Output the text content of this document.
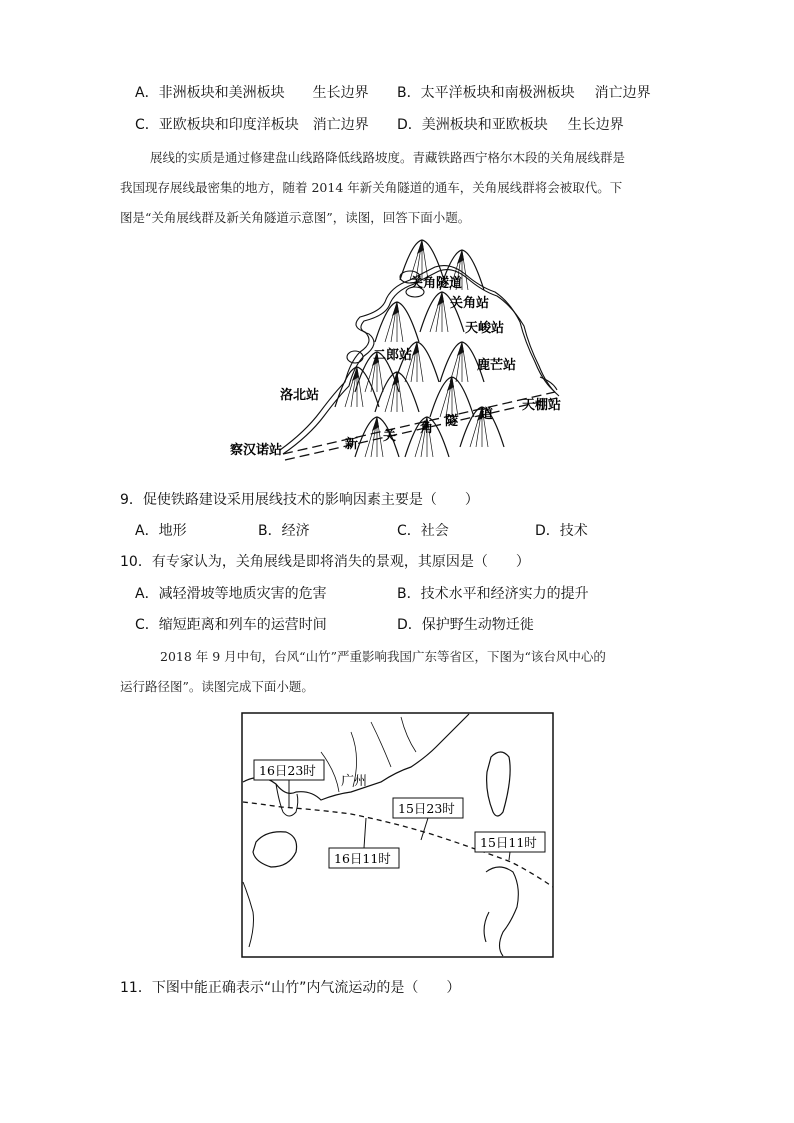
A．非洲板块和美洲板块 生长边界 B．太平洋板块和南极洲板块 消亡边界
C．亚欧板块和印度洋板块 消亡边界 D．美洲板块和亚欧板块 生长边界
展线的实质是通过修建盘山线路降低线路坡度。青藏铁路西宁格尔木段的关角展线群是
我国现存展线最密集的地方，随着 2014 年新关角隧道的通车，关角展线群将会被取代。下
图是“关角展线群及新关角隧道示意图”，读图，回答下面小题。
关角隧道
关角站
天峻站
二郎站
鹿芒站
洛北站
天棚站
察汉诺站	新
关
角 隧 道
9．促使铁路建设采用展线技术的影响因素主要是（　　）
A．地形	B．经济	C．社会	D．技术
10．有专家认为，关角展线是即将消失的景观，其原因是（　　）
A．减轻滑坡等地质灾害的危害	B．技术水平和经济实力的提升
C．缩短距离和列车的运营时间	D．保护野生动物迁徙
2018 年 9 月中旬，台风“山竹”严重影响我国广东等省区，下图为“该台风中心的
运行路径图”。读图完成下面小题。
16日23时
广州
15日23时
16日11时
15日11时
11．下图中能正确表示“山竹”内气流运动的是（　　）
